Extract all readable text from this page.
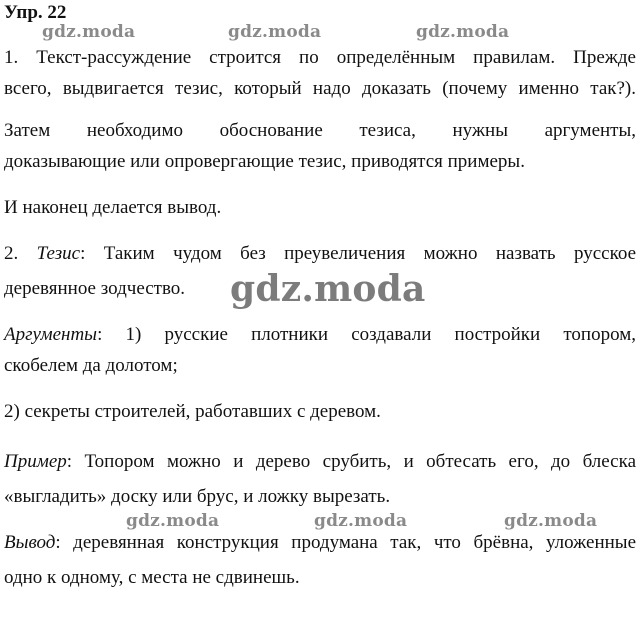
Упр. 22

1. Текст-рассуждение строится по определённым правилам. Прежде

всего, выдвигается тезис, который надо доказать (почему именно так?).

Затем необходимо обоснование тезиса, нужны аргументы,

доказывающие или опровергающие тезис, приводятся примеры.

И наконец делается вывод.

2. Тезис: Таким чудом без преувеличения можно назвать русское

деревянное зодчество.

Аргументы: 1) русские плотники создавали постройки топором,

скобелем да долотом;

2) секреты строителей, работавших с деревом.

Пример: Топором можно и дерево срубить, и обтесать его, до блеска

«выгладить» доску или брус, и ложку вырезать.

Вывод: деревянная конструкция продумана так, что брёвна, уложенные

одно к одному, с места не сдвинешь.

gdz.moda	gdz.moda	gdz.moda
gdz.moda
gdz.moda	gdz.moda	gdz.moda
